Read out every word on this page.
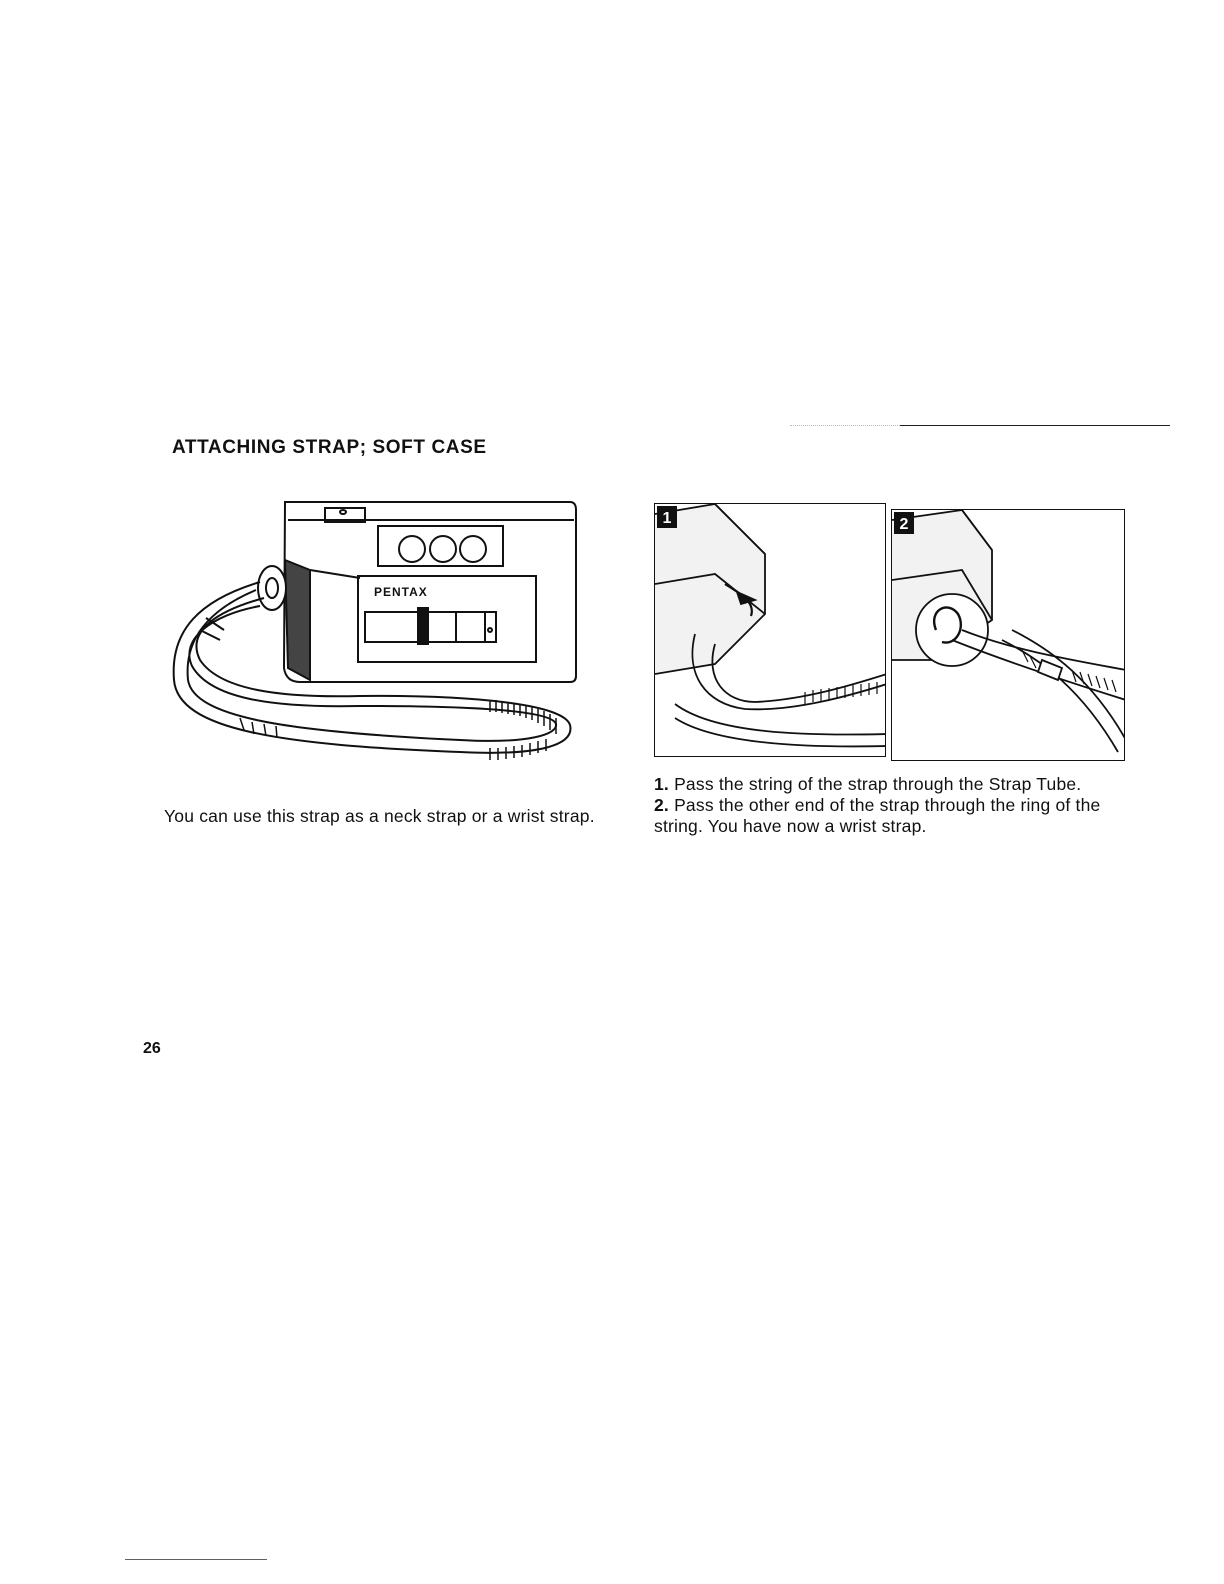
ATTACHING STRAP; SOFT CASE
PENTAX
1	2
You can use this strap as a neck strap or a wrist strap.

1. Pass the string of the strap through the Strap Tube.

2. Pass the other end of the strap through the ring of the string. You have now a wrist strap.

26
